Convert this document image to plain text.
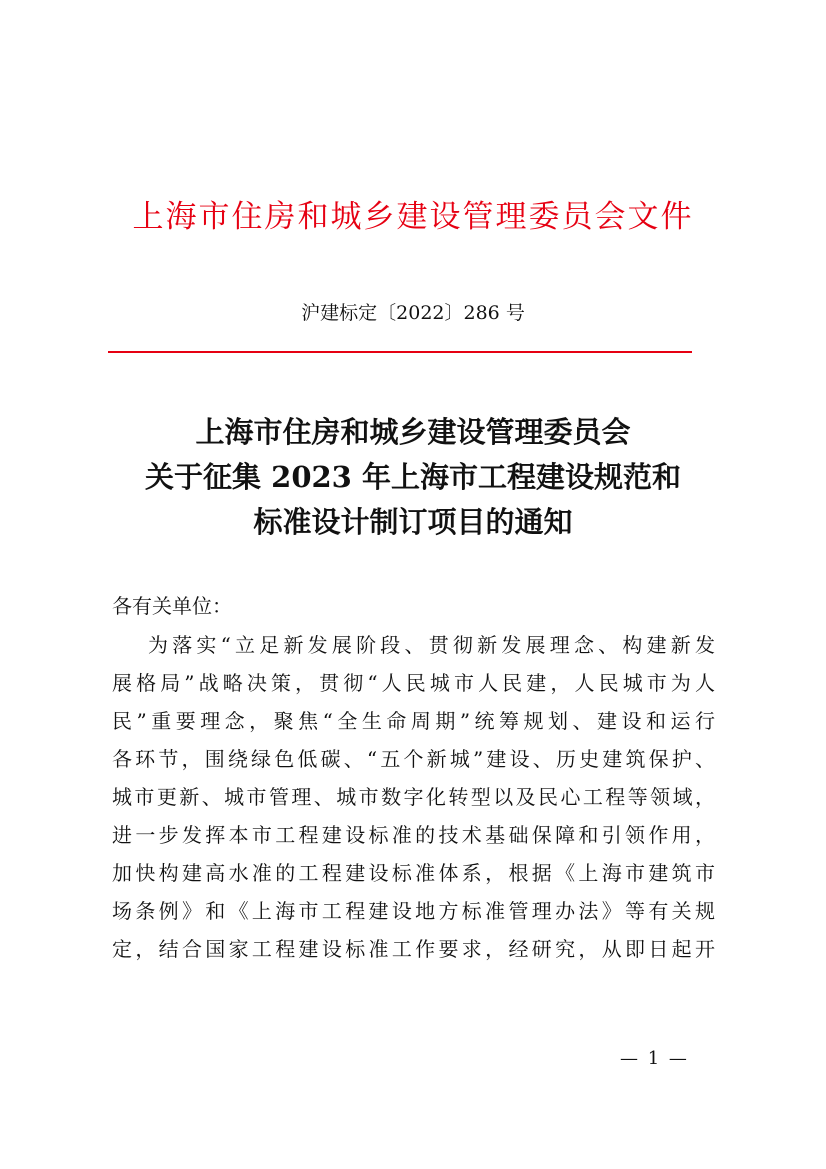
上海市住房和城乡建设管理委员会文件
沪建标定〔2022〕286 号
上海市住房和城乡建设管理委员会
关于征集 2023 年上海市工程建设规范和
标准设计制订项目的通知
各有关单位：
为落实“立足新发展阶段、贯彻新发展理念、构建新发
展格局”战略决策，贯彻“人民城市人民建，人民城市为人
民”重要理念，聚焦“全生命周期”统筹规划、建设和运行
各环节，围绕绿色低碳、“五个新城”建设、历史建筑保护、
城市更新、城市管理、城市数字化转型以及民心工程等领域，
进一步发挥本市工程建设标准的技术基础保障和引领作用，
加快构建高水准的工程建设标准体系，根据《上海市建筑市
场条例》和《上海市工程建设地方标准管理办法》等有关规
定，结合国家工程建设标准工作要求，经研究，从即日起开
— 1 —
